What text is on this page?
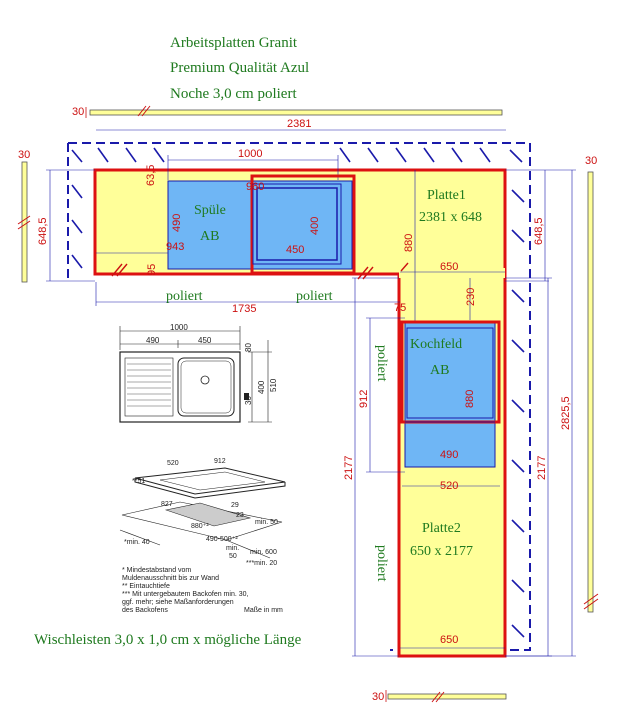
Arbeitsplatten Granit
Premium Qualität Azul
Noche 3,0 cm poliert
30
2381
30	30
30
1000
63,5
960
943
490	400
450
95
648,5	648,5
880
650
1735	75
230
912	880
490
520
2177	2177
2825,5
650
Spüle
AB
Platte1
2381 x 648
Kochfeld
AB
Platte2
650 x 2177
poliert	poliert
poliert
poliert
1000
490	450
80
30
400 510
520	912
**51
827	29
23
min. 50
880⁺²
490-500⁺²
*min. 40
min.
50
min. 600
***min. 20
* Mindestabstand vom
Muldenausschnitt bis zur Wand
** Eintauchtiefe
*** Mit untergebautem Backofen min. 30,
ggf. mehr; siehe Maßanforderungen
des Backofens	Maße in mm
Wischleisten 3,0 x 1,0 cm x mögliche Länge
